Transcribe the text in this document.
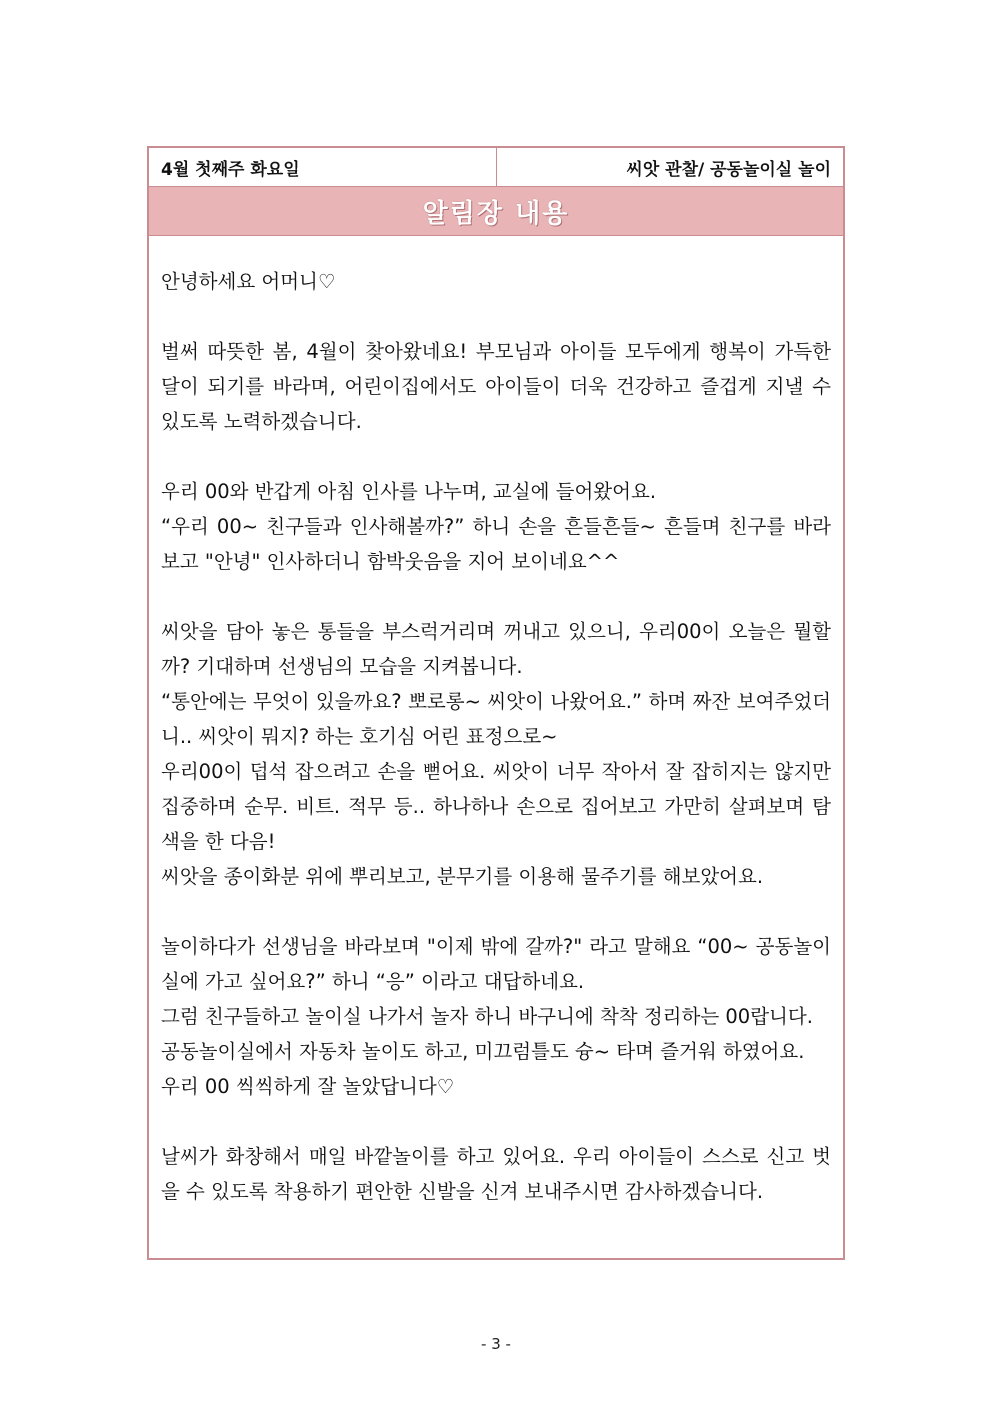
4월 첫째주 화요일	씨앗 관찰/ 공동놀이실 놀이
알림장 내용

안녕하세요 어머니♡

벌써 따뜻한 봄, 4월이 찾아왔네요! 부모님과 아이들 모두에게 행복이 가득한 달이 되기를 바라며, 어린이집에서도 아이들이 더욱 건강하고 즐겁게 지낼 수 있도록 노력하겠습니다.

우리 00와 반갑게 아침 인사를 나누며, 교실에 들어왔어요.

“우리 00~ 친구들과 인사해볼까?” 하니 손을 흔들흔들~ 흔들며 친구를 바라보고 "안녕" 인사하더니 함박웃음을 지어 보이네요^^

씨앗을 담아 놓은 통들을 부스럭거리며 꺼내고 있으니, 우리00이 오늘은 뭘할까? 기대하며 선생님의 모습을 지켜봅니다.

“통안에는 무엇이 있을까요? 뽀로롱~ 씨앗이 나왔어요.” 하며 짜잔 보여주었더니.. 씨앗이 뭐지? 하는 호기심 어린 표정으로~

우리00이 덥석 잡으려고 손을 뻗어요. 씨앗이 너무 작아서 잘 잡히지는 않지만 집중하며 순무. 비트. 적무 등.. 하나하나 손으로 집어보고 가만히 살펴보며 탐색을 한 다음!

씨앗을 종이화분 위에 뿌리보고, 분무기를 이용해 물주기를 해보았어요.

놀이하다가 선생님을 바라보며 "이제 밖에 갈까?" 라고 말해요 “00~ 공동놀이실에 가고 싶어요?” 하니 “응” 이라고 대답하네요.

그럼 친구들하고 놀이실 나가서 놀자 하니 바구니에 착착 정리하는 00랍니다.

공동놀이실에서 자동차 놀이도 하고, 미끄럼틀도 슝~ 타며 즐거워 하였어요.

우리 00 씩씩하게 잘 놀았답니다♡

날씨가 화창해서 매일 바깥놀이를 하고 있어요. 우리 아이들이 스스로 신고 벗을 수 있도록 착용하기 편안한 신발을 신겨 보내주시면 감사하겠습니다.

- 3 -
